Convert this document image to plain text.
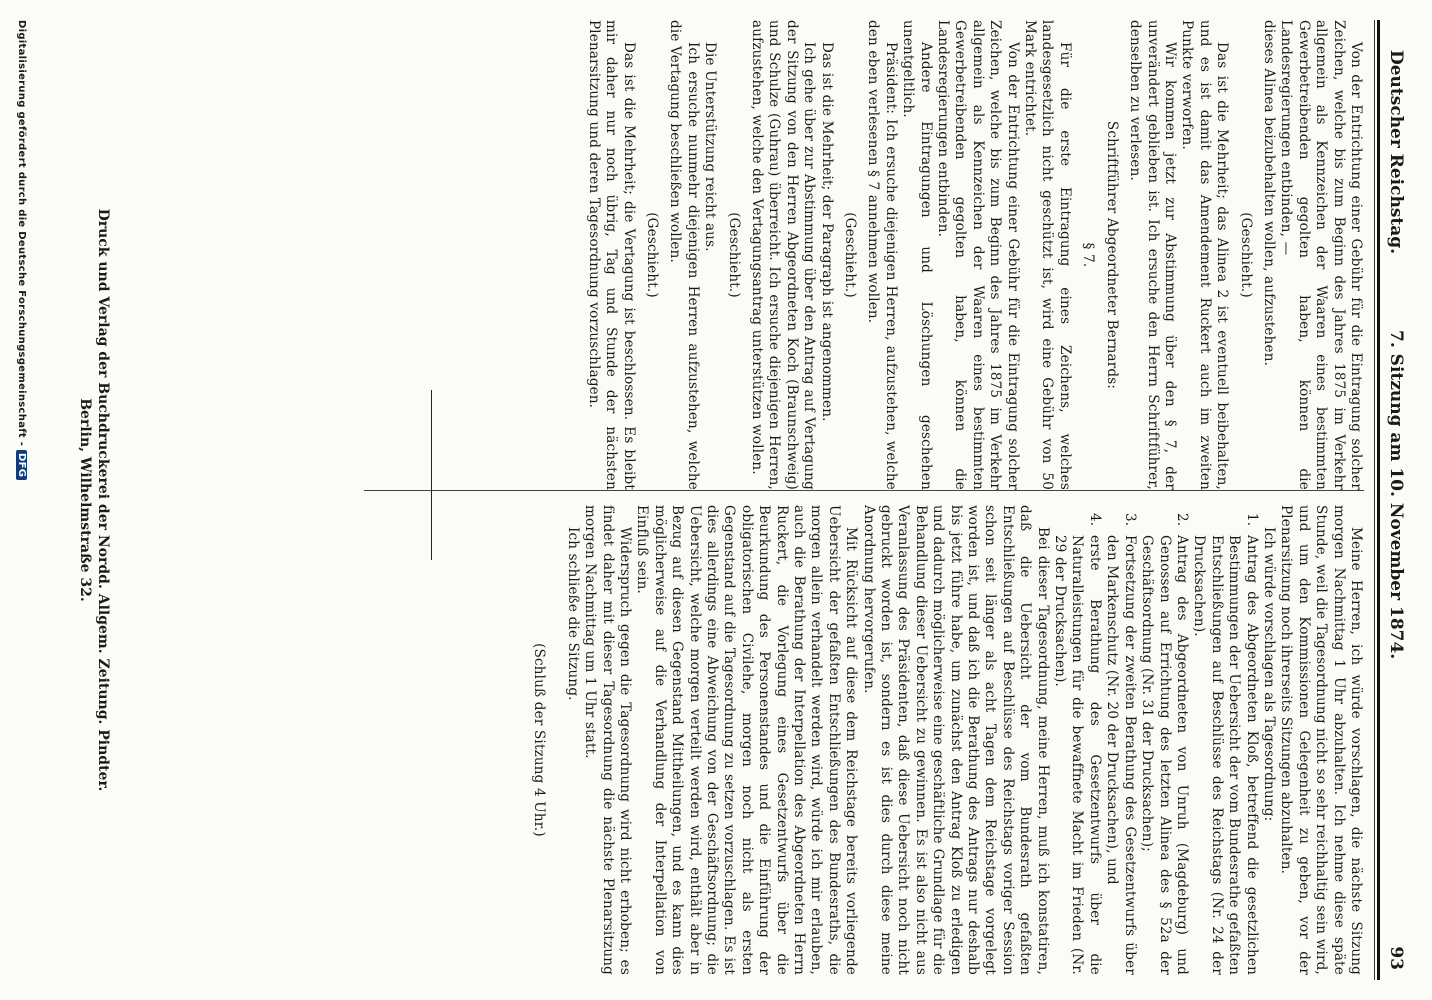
Deutscher Reichstag.
7. Sitzung am 10. November 1874.
93

Von der Entrichtung einer Gebühr für die Eintragung solcher Zeichen, welche bis zum Beginn des Jahres 1875 im Verkehr allgemein als Kennzeichen der Waaren eines bestimmten Gewerbetreibenden gegolten haben, können die Landesregierungen entbinden, —

dieses Alinea beizubehalten wollen, aufzustehen.

(Geschieht.)

Das ist die Mehrheit; das Alinea 2 ist eventuell beibehalten, und es ist damit das Amendement Ruckert auch im zweiten Punkte verworfen.

Wir kommen jetzt zur Abstimmung über den § 7, der unverändert geblieben ist. Ich ersuche den Herrn Schriftführer, denselben zu verlesen.

Schriftführer Abgeordneter Bernards:

§ 7.

Für die erste Eintragung eines Zeichens, welches landesgesetzlich nicht geschützt ist, wird eine Gebühr von 50 Mark entrichtet.

Von der Entrichtung einer Gebühr für die Eintragung solcher Zeichen, welche bis zum Beginn des Jahres 1875 im Verkehr allgemein als Kennzeichen der Waaren eines bestimmten Gewerbetreibenden gegolten haben, können die Landesregierungen entbinden.

Andere Eintragungen und Löschungen geschehen unentgeltlich.

Präsident: Ich ersuche diejenigen Herren, aufzustehen, welche den eben verlesenen § 7 annehmen wollen.

(Geschieht.)

Das ist die Mehrheit; der Paragraph ist angenommen.

Ich gehe über zur Abstimmung über den Antrag auf Vertagung der Sitzung von den Herren Abgeordneten Koch (Braunschweig) und Schulze (Guhrau) überreicht. Ich ersuche diejenigen Herren, aufzustehen, welche den Vertagungsantrag unterstützen wollen.

(Geschieht.)

Die Unterstützung reicht aus.

Ich ersuche nunmehr diejenigen Herren aufzustehen, welche die Vertagung beschließen wollen.

(Geschieht.)

Das ist die Mehrheit; die Vertagung ist beschlossen. Es bleibt mir daher nur noch übrig, Tag und Stunde der nächsten Plenarsitzung und deren Tagesordnung vorzuschlagen.

Meine Herren, ich würde vorschlagen, die nächste Sitzung morgen Nachmittag 1 Uhr abzuhalten. Ich nehme diese späte Stunde, weil die Tagesordnung nicht so sehr reichhaltig sein wird, und um den Kommissionen Gelegenheit zu geben, vor der Plenarsitzung noch ihrerseits Sitzungen abzuhalten.

Ich würde vorschlagen als Tagesordnung:

1.
Antrag des Abgeordneten Kloß, betreffend die gesetzlichen Bestimmungen der Uebersicht der vom Bundesrathe gefaßten Entschließungen auf Beschlüsse des Reichstags (Nr. 24 der Drucksachen).
2.
Antrag des Abgeordneten von Unruh (Magdeburg) und Genossen auf Errichtung des letzten Alinea des § 52a der Geschäftsordnung (Nr. 31 der Drucksachen);
3.
Fortsetzung der zweiten Berathung des Gesetzentwurfs über den Markenschutz (Nr. 20 der Drucksachen), und
4.
erste Berathung des Gesetzentwurfs über die Naturalleistungen für die bewaffnete Macht im Frieden (Nr. 29 der Drucksachen).

Bei dieser Tagesordnung, meine Herren, muß ich konstatiren, daß die Uebersicht der vom Bundesrath gefaßten Entschließungen auf Beschlüsse des Reichstags voriger Session schon seit länger als acht Tagen dem Reichstage vorgelegt worden ist, und daß ich die Berathung des Antrags nur deshalb bis jetzt führe habe, um zunächst den Antrag Kloß zu erledigen und dadurch möglicherweise eine geschäftliche Grundlage für die Behandlung dieser Uebersicht zu gewinnen. Es ist also nicht aus Veranlassung des Präsidenten, daß diese Uebersicht noch nicht gebruckt worden ist, sondern es ist dies durch diese meine Anordnung hervorgerufen.

Mit Rücksicht auf diese dem Reichstage bereits vorliegende Uebersicht der gefaßten Entschließungen des Bundesraths, die morgen allein verhandelt werden wird, würde ich mir erlauben, auch die Berathung der Interpellation des Abgeordneten Herrn Ruckert, die Vorlegung eines Gesetzentwurfs über die Beurkundung des Personenstandes und die Einführung der obligatorischen Civilehe, morgen noch nicht als ersten Gegenstand auf die Tagesordnung zu setzen vorzuschlagen. Es ist dies allerdings eine Abweichung von der Geschäftsordnung; die Uebersicht, welche morgen verteilt werden wird, enthält aber in Bezug auf diesen Gegenstand Mittheilungen, und es kann dies möglicherweise auf die Verhandlung der Interpellation von Einfluß sein.

Widerspruch gegen die Tagesordnung wird nicht erhoben; es findet daher mit dieser Tagesordnung die nächste Plenarsitzung morgen Nachmittag um 1 Uhr statt.

Ich schließe die Sitzung.

(Schluß der Sitzung 4 Uhr.)

Druck und Verlag der Buchdruckerei der Nordd. Allgem. Zeitung. Pindter.
Berlin, Wilhelmstraße 32.
Digitalisierung gefördert durch die Deutsche Forschungsgemeinschaft - DFG
